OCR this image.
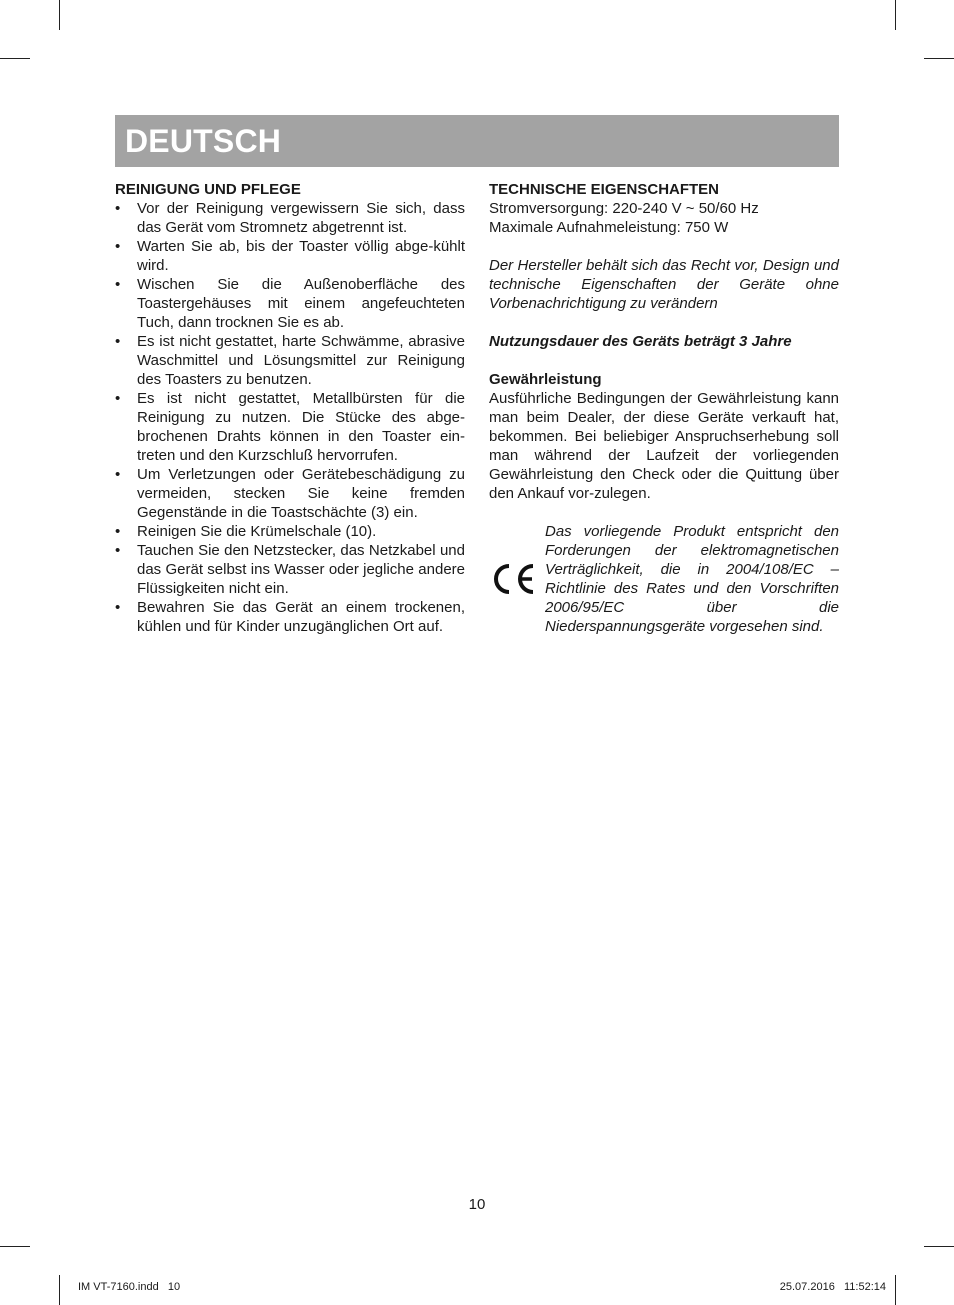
DEUTSCH
REINIGUNG UND PFLEGE
• Vor der Reinigung vergewissern Sie sich, dass das Gerät vom Stromnetz abgetrennt ist.
• Warten Sie ab, bis der Toaster völlig abge-kühlt wird.
• Wischen Sie die Außenoberfläche des Toastergehäuses mit einem angefeuchteten Tuch, dann trocknen Sie es ab.
• Es ist nicht gestattet, harte Schwämme, abrasive Waschmittel und Lösungsmittel zur Reinigung des Toasters zu benutzen.
• Es ist nicht gestattet, Metallbürsten für die Reinigung zu nutzen. Die Stücke des abge-brochenen Drahts können in den Toaster ein-treten und den Kurzschluß hervorrufen.
• Um Verletzungen oder Gerätebeschädigung zu vermeiden, stecken Sie keine fremden Gegenstände in die Toastschächte (3) ein.
• Reinigen Sie die Krümelschale (10).
• Tauchen Sie den Netzstecker, das Netzkabel und das Gerät selbst ins Wasser oder jegliche andere Flüssigkeiten nicht ein.
• Bewahren Sie das Gerät an einem trockenen, kühlen und für Kinder unzugänglichen Ort auf.
TECHNISCHE EIGENSCHAFTEN

Stromversorgung: 220-240 V ~ 50/60 Hz

Maximale Aufnahmeleistung: 750 W

Der Hersteller behält sich das Recht vor, Design und technische Eigenschaften der Geräte ohne Vorbenachrichtigung zu verändern

Nutzungsdauer des Geräts beträgt 3 Jahre

Gewährleistung

Ausführliche Bedingungen der Gewährleistung kann man beim Dealer, der diese Geräte verkauft hat, bekommen. Bei beliebiger Anspruchserhebung soll man während der Laufzeit der vorliegenden Gewährleistung den Check oder die Quittung über den Ankauf vor-zulegen.

Das vorliegende Produkt entspricht den Forderungen der elektromagnetischen Verträglichkeit, die in 2004/108/EC – Richtlinie des Rates und den Vorschriften 2006/95/EC über die Niederspannungsgeräte vorgesehen sind.
10
IM VT-7160.indd   10	25.07.2016   11:52:14
